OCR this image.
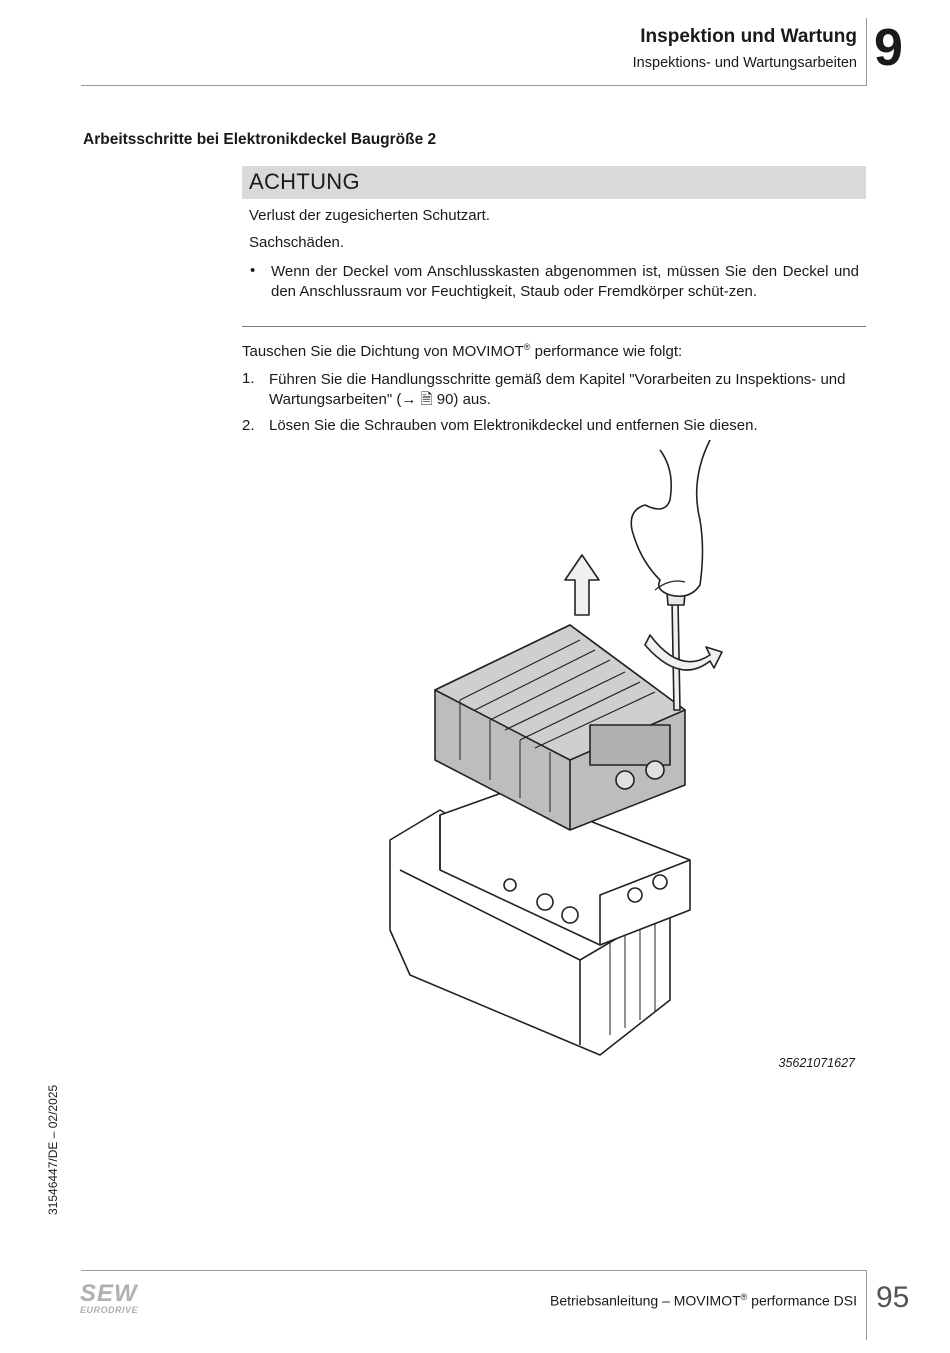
Inspektion und Wartung
Inspektions- und Wartungsarbeiten 9
Arbeitsschritte bei Elektronikdeckel Baugröße 2
ACHTUNG
Verlust der zugesicherten Schutzart.
Sachschäden.
• Wenn der Deckel vom Anschlusskasten abgenommen ist, müssen Sie den Deckel und den Anschlussraum vor Feuchtigkeit, Staub oder Fremdkörper schüt-zen.
Tauschen Sie die Dichtung von MOVIMOT® performance wie folgt:
1. Führen Sie die Handlungsschritte gemäß dem Kapitel "Vorarbeiten zu Inspektions- und Wartungsarbeiten" (→ 🗎 90) aus.
2. Lösen Sie die Schrauben vom Elektronikdeckel und entfernen Sie diesen.
35621071627
31546447/DE – 02/2025
SEW
EURODRIVE
Betriebsanleitung – MOVIMOT® performance DSI 95
